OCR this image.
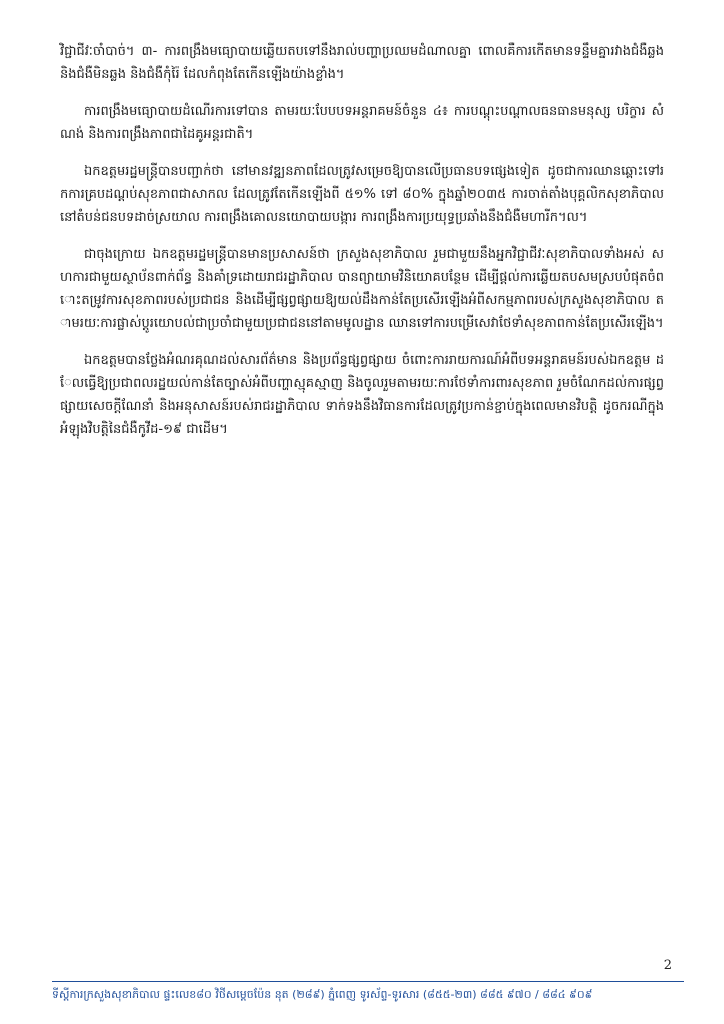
វិជ្ជាជីវៈចាំបាច់។ ៣- ការពង្រឹងមធ្យោបាយឆ្លើយតបទៅនឹងរាល់បញ្ហាប្រឈមដំណាលគ្នា ពោលគឺការកើតមានទន្ទឹមគ្នារវាងជំងឺឆ្លង និងជំងឺមិនឆ្លង និងជំងឺកុំរ៉ៃ ដែលកំពុងតែកើនឡើងយ៉ាងខ្លាំង។

ការពង្រឹងមធ្យោបាយដំណើរការទៅបាន តាមរយៈបែបបទអន្តរាគមន៍ចំនួន ៤៖ ការបណ្តុះបណ្តាលធនធានមនុស្ស បរិក្ខារ សំណង់ និងការពង្រឹងភាពជាដៃគូអន្តរជាតិ។

ឯកឧត្តមរដ្ឋមន្ត្រីបានបញ្ជាក់ថា នៅមានវឌ្ឍនភាពដែលត្រូវសម្រេចឱ្យបានលើប្រធានបទផ្សេងទៀត ដូចជាការឈានឆ្ពោះទៅរកការគ្របដណ្តប់សុខភាពជាសាកល ដែលត្រូវតែកើនឡើងពី ៥១% ទៅ ៨០% ក្នុងឆ្នាំ២០៣៥ ការចាត់តាំងបុគ្គលិកសុខាភិបាលនៅតំបន់ជនបទដាច់ស្រយាល ការពង្រឹងគោលនយោបាយបង្ការ ការពង្រឹងការប្រយុទ្ធប្រឆាំងនឹងជំងឺមហារីក។ល។

ជាចុងក្រោយ ឯកឧត្តមរដ្ឋមន្ត្រីបានមានប្រសាសន៍ថា ក្រសួងសុខាភិបាល រួមជាមួយនឹងអ្នកវិជ្ជាជីវៈសុខាភិបាលទាំងអស់ សហការជាមួយស្ថាប័នពាក់ព័ន្ធ និងគាំទ្រដោយរាជរដ្ឋាភិបាល បានព្យាយាមវិនិយោគបន្ថែម ដើម្បីផ្តល់ការឆ្លើយតបសមស្របបំផុតចំពោះតម្រូវការសុខភាពរបស់ប្រជាជន និងដើម្បីផ្សព្វផ្សាយឱ្យយល់ដឹងកាន់តែប្រសើរឡើងអំពីសកម្មភាពរបស់ក្រសួងសុខាភិបាល តាមរយៈការផ្លាស់ប្តូរយោបល់ជាប្រចាំជាមួយប្រជាជននៅតាមមូលដ្ឋាន ឈានទៅការបម្រើសេវាថែទាំសុខភាពកាន់តែប្រសើរឡើង។

ឯកឧត្តមបានថ្លែងអំណរគុណដល់សារព័ត៌មាន និងប្រព័ន្ធផ្សព្វផ្សាយ ចំពោះការរាយការណ៍អំពីបទអន្តរាគមន៍របស់ឯកឧត្តម ដែលធ្វើឱ្យប្រជាពលរដ្ឋយល់កាន់តែច្បាស់អំពីបញ្ហាស្មុគស្មាញ និងចូលរួមតាមរយៈការថែទាំការពារសុខភាព រួមចំណែកដល់ការផ្សព្វផ្សាយសេចក្តីណែនាំ និងអនុសាសន៍របស់រាជរដ្ឋាភិបាល ទាក់ទងនឹងវិធានការដែលត្រូវប្រកាន់ខ្ជាប់ក្នុងពេលមានវិបត្តិ ដូចករណីក្នុងអំឡុងវិបត្តិនៃជំងឺកូវីដ-១៩ ជាដើម។

2
ទីស្តីការក្រសួងសុខាភិបាល ផ្ទះលេខ៨០ វិថីសម្តេចប៉ែន នុត (២៨៩) ភ្នំពេញ ទូរស័ព្ទ-ទូរសារ (៨៥៥-២៣) ៨៨៥ ៩៧០ / ៨៨៤ ៩០៩
